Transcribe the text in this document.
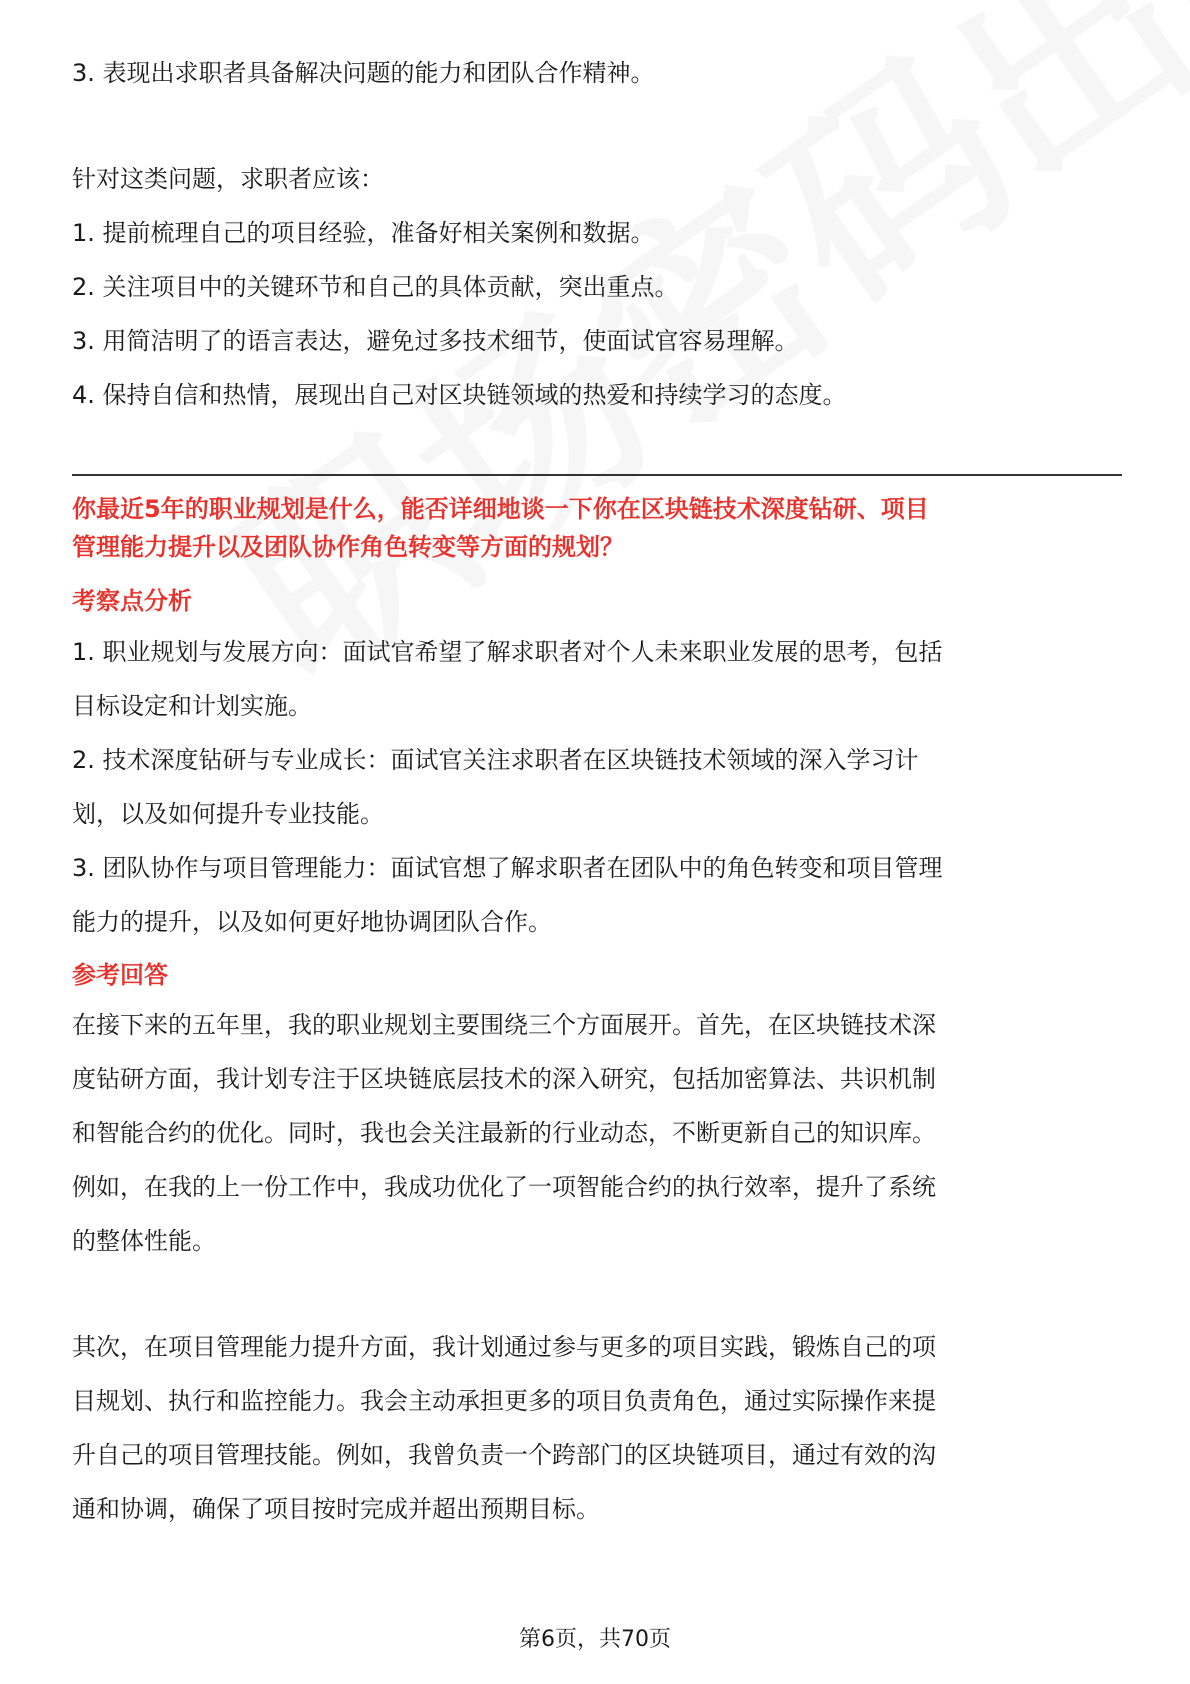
3. 表现出求职者具备解决问题的能力和团队合作精神。

针对这类问题，求职者应该：

1. 提前梳理自己的项目经验，准备好相关案例和数据。

2. 关注项目中的关键环节和自己的具体贡献，突出重点。

3. 用简洁明了的语言表达，避免过多技术细节，使面试官容易理解。

4. 保持自信和热情，展现出自己对区块链领域的热爱和持续学习的态度。

你最近5年的职业规划是什么，能否详细地谈一下你在区块链技术深度钻研、项目

管理能力提升以及团队协作角色转变等方面的规划？

考察点分析

1. 职业规划与发展方向：面试官希望了解求职者对个人未来职业发展的思考，包括

目标设定和计划实施。

2. 技术深度钻研与专业成长：面试官关注求职者在区块链技术领域的深入学习计

划，以及如何提升专业技能。

3. 团队协作与项目管理能力：面试官想了解求职者在团队中的角色转变和项目管理

能力的提升，以及如何更好地协调团队合作。

参考回答

在接下来的五年里，我的职业规划主要围绕三个方面展开。首先，在区块链技术深

度钻研方面，我计划专注于区块链底层技术的深入研究，包括加密算法、共识机制

和智能合约的优化。同时，我也会关注最新的行业动态，不断更新自己的知识库。

例如，在我的上一份工作中，我成功优化了一项智能合约的执行效率，提升了系统

的整体性能。

其次，在项目管理能力提升方面，我计划通过参与更多的项目实践，锻炼自己的项

目规划、执行和监控能力。我会主动承担更多的项目负责角色，通过实际操作来提

升自己的项目管理技能。例如，我曾负责一个跨部门的区块链项目，通过有效的沟

通和协调，确保了项目按时完成并超出预期目标。

第6页，共70页
